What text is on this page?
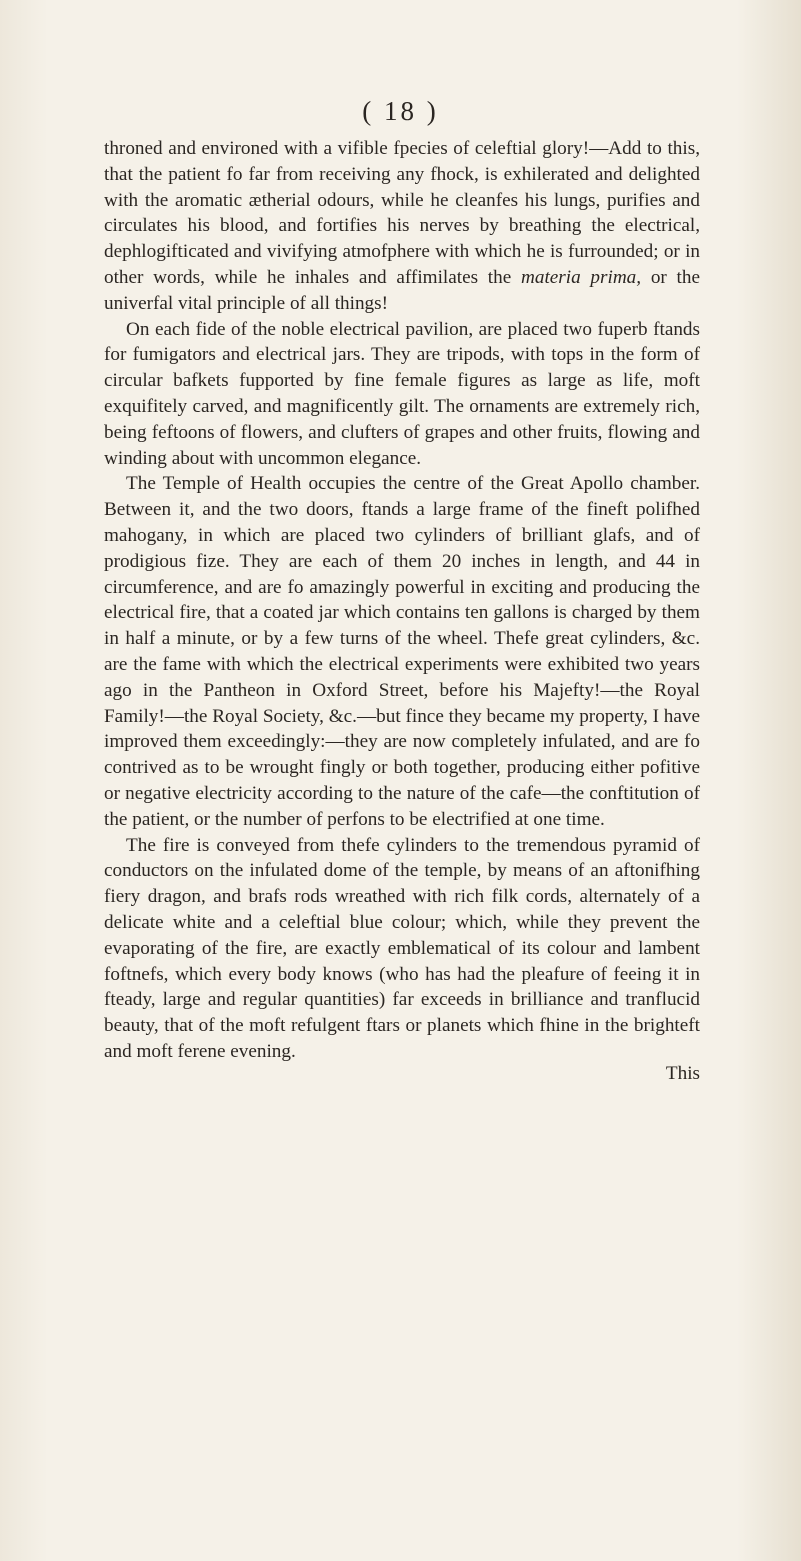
( 18 )

throned and environed with a vifible fpecies of celeftial glory!—Add to this, that the patient fo far from receiving any fhock, is exhilerated and delighted with the aromatic ætherial odours, while he cleanfes his lungs, purifies and circulates his blood, and fortifies his nerves by breathing the electrical, dephlogifticated and vivifying atmofphere with which he is furrounded; or in other words, while he inhales and affimilates the materia prima, or the univerfal vital principle of all things!

On each fide of the noble electrical pavilion, are placed two fuperb ftands for fumigators and electrical jars. They are tripods, with tops in the form of circular bafkets fupported by fine female figures as large as life, moft exquifitely carved, and magnificently gilt. The ornaments are extremely rich, being feftoons of flowers, and clufters of grapes and other fruits, flowing and winding about with uncommon elegance.

The Temple of Health occupies the centre of the Great Apollo chamber. Between it, and the two doors, ftands a large frame of the fineft polifhed mahogany, in which are placed two cylinders of brilliant glafs, and of prodigious fize. They are each of them 20 inches in length, and 44 in circumference, and are fo amazingly powerful in exciting and producing the electrical fire, that a coated jar which contains ten gallons is charged by them in half a minute, or by a few turns of the wheel. Thefe great cylinders, &c. are the fame with which the electrical experiments were exhibited two years ago in the Pantheon in Oxford Street, before his Majefty!—the Royal Family!—the Royal Society, &c.—but fince they became my property, I have improved them exceedingly:—they are now completely infulated, and are fo contrived as to be wrought fingly or both together, producing either pofitive or negative electricity according to the nature of the cafe—the conftitution of the patient, or the number of perfons to be electrified at one time.

The fire is conveyed from thefe cylinders to the tremendous pyramid of conductors on the infulated dome of the temple, by means of an aftonifhing fiery dragon, and brafs rods wreathed with rich filk cords, alternately of a delicate white and a celeftial blue colour; which, while they prevent the evaporating of the fire, are exactly emblematical of its colour and lambent foftnefs, which every body knows (who has had the pleafure of feeing it in fteady, large and regular quantities) far exceeds in brilliance and tranflucid beauty, that of the moft refulgent ftars or planets which fhine in the brighteft and moft ferene evening.

This
